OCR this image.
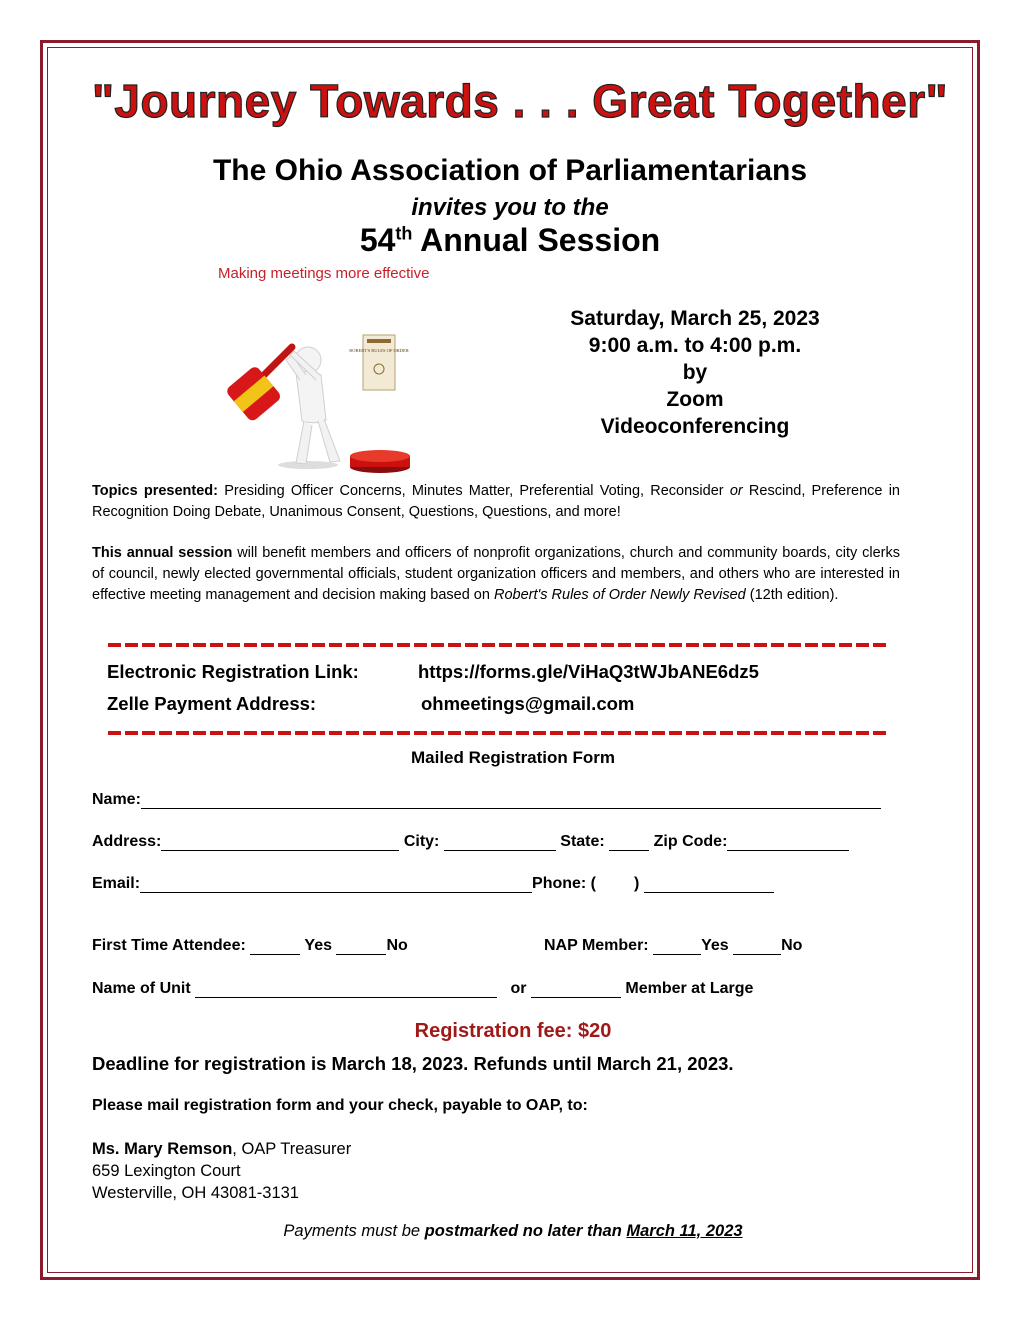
"Journey Towards . . . Great Together"
The Ohio Association of Parliamentarians
invites you to the
54th Annual Session
Making meetings more effective
ROBERT'S RULES OF ORDER
Saturday, March 25, 2023
9:00 a.m. to 4:00 p.m.
by
Zoom
Videoconferencing
Topics presented: Presiding Officer Concerns, Minutes Matter, Preferential Voting, Reconsider or Rescind, Preference in Recognition Doing Debate, Unanimous Consent, Questions, Questions, and more!
This annual session will benefit members and officers of nonprofit organizations, church and community boards, city clerks of council, newly elected governmental officials, student organization officers and members, and others who are interested in effective meeting management and decision making based on Robert's Rules of Order Newly Revised (12th edition).
Electronic Registration Link:	https://forms.gle/ViHaQ3tWJbANE6dz5
Zelle Payment Address:	ohmeetings@gmail.com
Mailed Registration Form
Name:
Address:	City:	State:	Zip Code:
Email:	Phone: ( )
First Time Attendee:	Yes	No	NAP Member:	Yes	No
Name of Unit	or	Member at Large
Registration fee: $20
Deadline for registration is March 18, 2023. Refunds until March 21, 2023.
Please mail registration form and your check, payable to OAP, to:
Ms. Mary Remson, OAP Treasurer
659 Lexington Court
Westerville, OH 43081-3131
Payments must be postmarked no later than March 11, 2023
